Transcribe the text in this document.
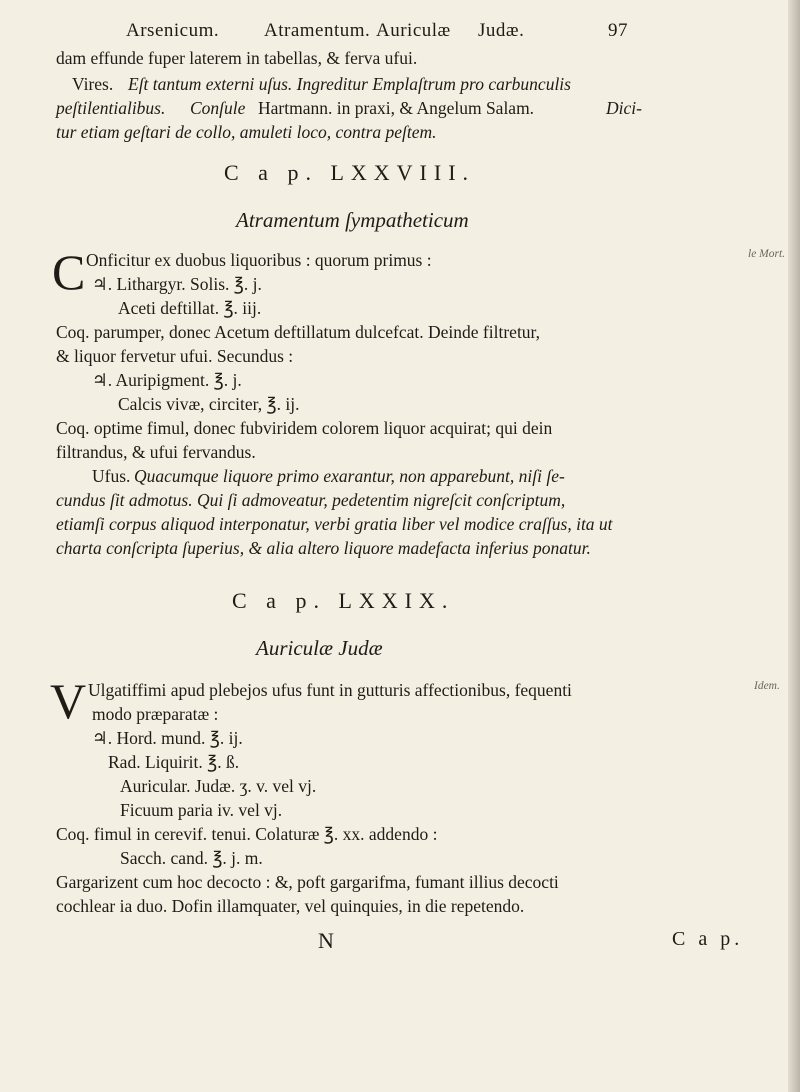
Arsenicum. Atramentum. Auriculæ Judæ.	97
dam effunde fuper laterem in tabellas, & ferva ufui.
Vires. Eſt tantum externi uſus. Ingreditur Emplaſtrum pro carbunculis
peſtilentialibus. Conſule Hartmann. in praxi, & Angelum Salam.	Dici-
tur etiam geſtari de collo, amuleti loco, contra peſtem.
C a p. LXXVIII.
Atramentum ſympatheticum
le Mort.
C Onficitur ex duobus liquoribus : quorum primus :
♃. Lithargyr. Solis. ℥. j.
Aceti deftillat. ℥. iij.
Coq. parumper, donec Acetum deftillatum dulcefcat. Deinde filtretur,
& liquor fervetur ufui. Secundus :
♃. Auripigment. ℥. j.
Calcis vivæ, circiter, ℥. ij.
Coq. optime fimul, donec fubviridem colorem liquor acquirat; qui dein
filtrandus, & ufui fervandus.
Ufus. Quacumque liquore primo exarantur, non apparebunt, niſi ſe-
cundus ſit admotus. Qui ſi admoveatur, pedetentim nigreſcit conſcriptum,
etiamſi corpus aliquod interponatur, verbi gratia liber vel modice craſſus, ita ut
charta conſcripta ſuperius, & alia altero liquore madefacta inferius ponatur.
C a p. LXXIX.
Auriculæ Judæ
Idem.
V Ulgatiffimi apud plebejos ufus funt in gutturis affectionibus, fequenti
modo præparatæ :
♃. Hord. mund. ℥. ij.
Rad. Liquirit. ℥. ß.
Auricular. Judæ. ʒ. v. vel vj.
Ficuum paria iv. vel vj.
Coq. fimul in cerevif. tenui. Colaturæ ℥. xx. addendo :
Sacch. cand. ℥. j. m.
Gargarizent cum hoc decocto : &, poft gargarifma, fumant illius decocti
cochlear ia duo. Dofin illamquater, vel quinquies, in die repetendo.
N	C a p.
